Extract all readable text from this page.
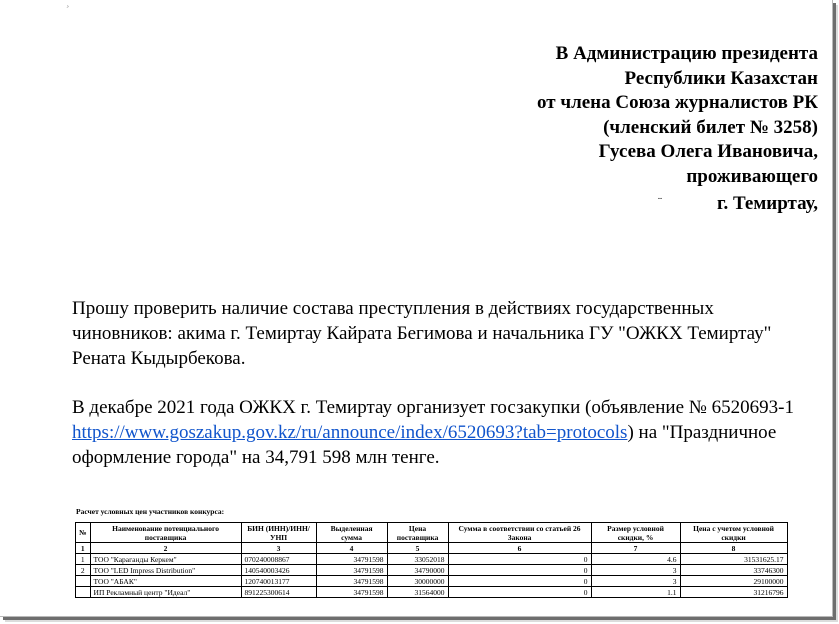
¸
В Администрацию президента
Республики Казахстан
от члена Союза журналистов РК
(членский билет № 3258)
Гусева Олега Ивановича,
проживающего
¨	г. Темиртау,

Прошу проверить наличие состава преступления в действиях государственных чиновников: акима г. Темиртау Кайрата Бегимова и начальника ГУ "ОЖКХ Темиртау" Рената Кыдырбекова.

В декабре 2021 года ОЖКХ г. Темиртау организует госзакупки (объявление № 6520693-1
https://www.goszakup.gov.kz/ru/announce/index/6520693?tab=protocols) на "Праздничное оформление города" на 34,791 598 млн тенге.

Расчет условных цен участников конкурса:
№	Наименование потенциального поставщика	БИН (ИНН)/ИНН/ УНП	Выделенная сумма	Цена поставщика	Сумма в соответствии со статьей 26 Закона	Размер условной скидки, %	Цена с учетом условной скидки
1	2	3	4	5	6	7	8
1	ТОО "Караганды Керкем"	070240008867	34791598	33052018	0	4.6	31531625.17
2	ТОО "LED Impress Distribution"	140540003426	34791598	34790000	0	3	33746300
	ТОО "АБАК"	120740013177	34791598	30000000	0	3	29100000
	ИП Рекламный центр "Идеал"	891225300614	34791598	31564000	0	1.1	31216796
